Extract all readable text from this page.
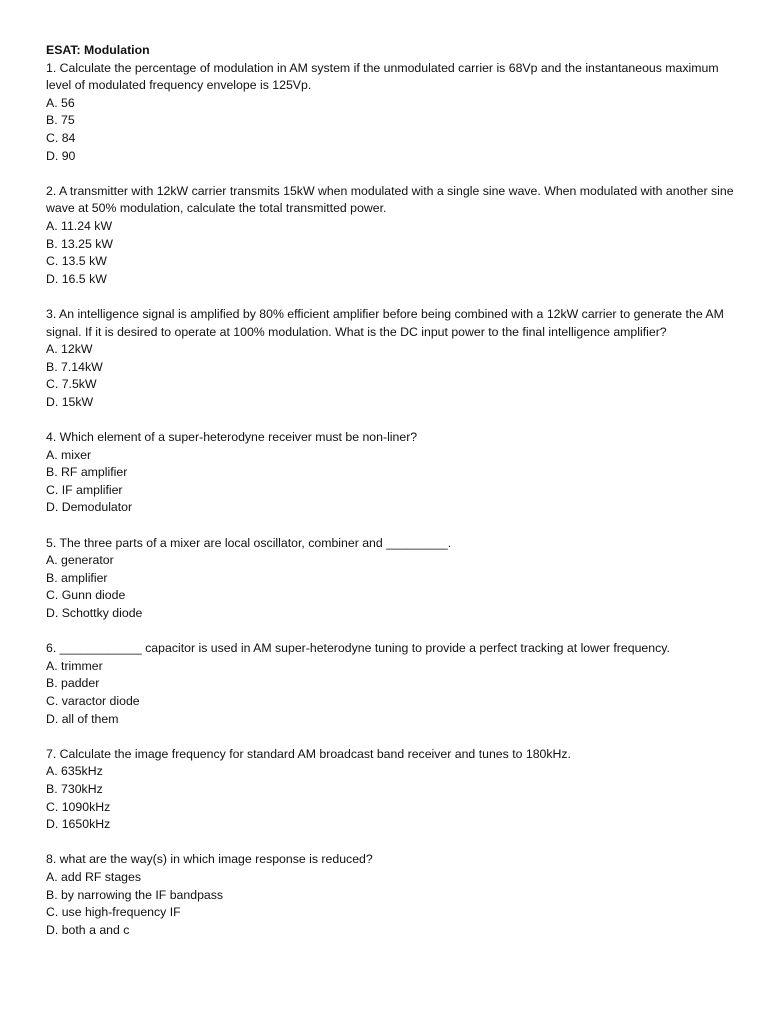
ESAT: Modulation

1. Calculate the percentage of modulation in AM system if the unmodulated carrier is 68Vp and the instantaneous maximum level of modulated frequency envelope is 125Vp.

A. 56

B. 75

C. 84

D. 90

2. A transmitter with 12kW carrier transmits 15kW when modulated with a single sine wave. When modulated with another sine wave at 50% modulation, calculate the total transmitted power.

A. 11.24 kW

B. 13.25 kW

C. 13.5 kW

D. 16.5 kW

3. An intelligence signal is amplified by 80% efficient amplifier before being combined with a 12kW carrier to generate the AM signal. If it is desired to operate at 100% modulation. What is the DC input power to the final intelligence amplifier?

A. 12kW

B. 7.14kW

C. 7.5kW

D. 15kW

4. Which element of a super-heterodyne receiver must be non-liner?

A. mixer

B. RF amplifier

C. IF amplifier

D. Demodulator

5. The three parts of a mixer are local oscillator, combiner and _________.

A. generator

B. amplifier

C. Gunn diode

D. Schottky diode

6. ____________ capacitor is used in AM super-heterodyne tuning to provide a perfect tracking at lower frequency.

A. trimmer

B. padder

C. varactor diode

D. all of them

7. Calculate the image frequency for standard AM broadcast band receiver and tunes to 180kHz.

A. 635kHz

B. 730kHz

C. 1090kHz

D. 1650kHz

8. what are the way(s) in which image response is reduced?

A. add RF stages

B. by narrowing the IF bandpass

C. use high-frequency IF

D. both a and c
